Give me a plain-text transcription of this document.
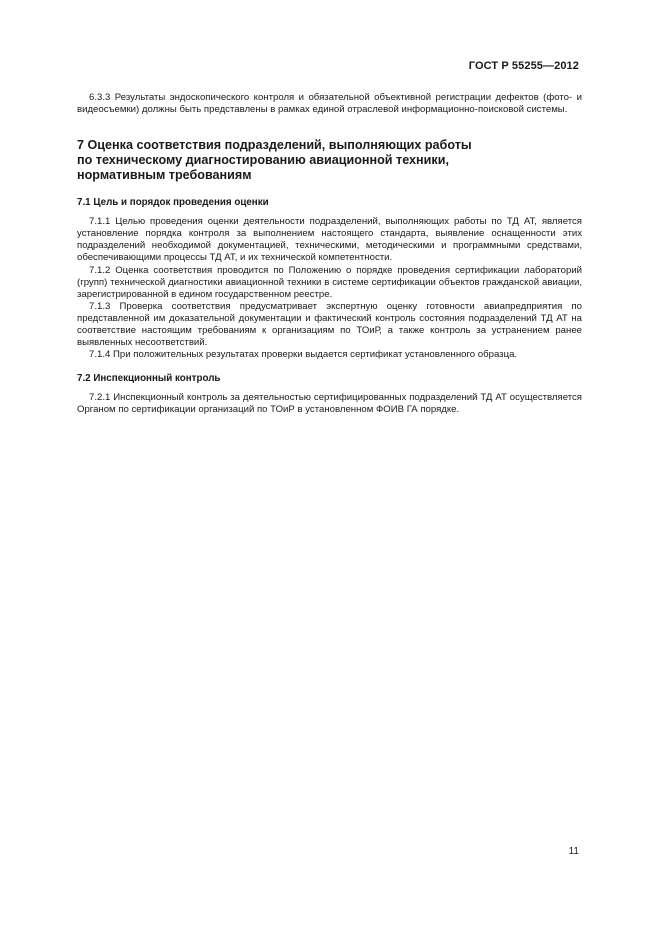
ГОСТ Р 55255—2012

6.3.3 Результаты эндоскопического контроля и обязательной объективной регистрации дефектов (фото- и видеосъемки) должны быть представлены в рамках единой отраслевой информационно-поисковой системы.

7 Оценка соответствия подразделений, выполняющих работы
по техническому диагностированию авиационной техники,
нормативным требованиям
7.1 Цель и порядок проведения оценки

7.1.1 Целью проведения оценки деятельности подразделений, выполняющих работы по ТД АТ, является установление порядка контроля за выполнением настоящего стандарта, выявление оснащенности этих подразделений необходимой документацией, техническими, методическими и программными средствами, обеспечивающими процессы ТД АТ, и их технической компетентности.

7.1.2 Оценка соответствия проводится по Положению о порядке проведения сертификации лабораторий (групп) технической диагностики авиационной техники в системе сертификации объектов гражданской авиации, зарегистрированной в едином государственном реестре.

7.1.3 Проверка соответствия предусматривает экспертную оценку готовности авиапредприятия по представленной им доказательной документации и фактический контроль состояния подразделений ТД АТ на соответствие настоящим требованиям к организациям по ТОиР, а также контроль за устранением ранее выявленных несоответствий.

7.1.4 При положительных результатах проверки выдается сертификат установленного образца.

7.2 Инспекционный контроль

7.2.1 Инспекционный контроль за деятельностью сертифицированных подразделений ТД АТ осуществляется Органом по сертификации организаций по ТОиР в установленном ФОИВ ГА порядке.

11
